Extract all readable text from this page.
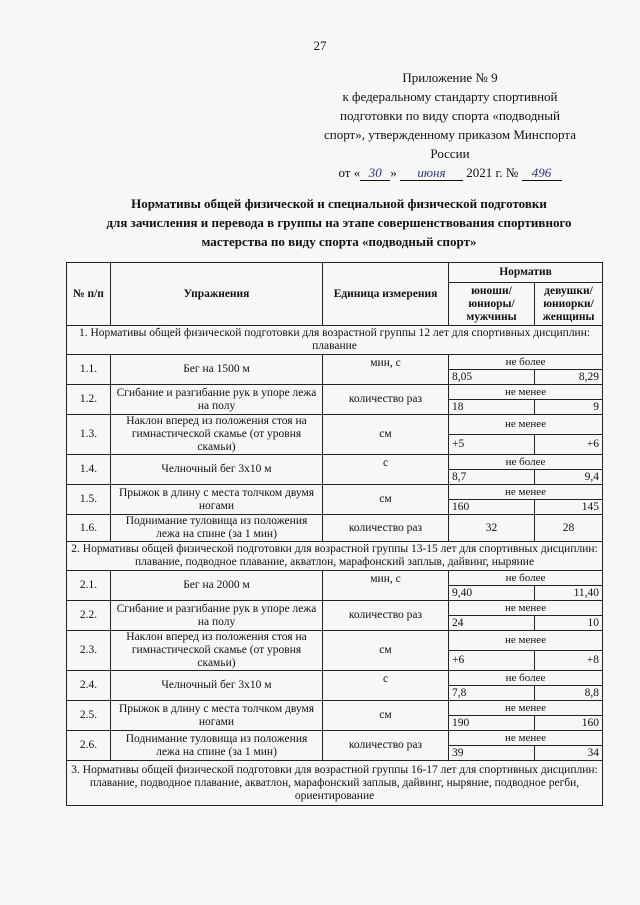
27
Приложение № 9
к федеральному стандарту спортивной
подготовки по виду спорта «подводный
спорт», утвержденному приказом Минспорта
России
от « 30 » июня 2021 г. № 496
Нормативы общей физической и специальной физической подготовки
для зачисления и перевода в группы на этапе совершенствования спортивного
мастерства по виду спорта «подводный спорт»
№ п/п	Упражнения	Единица измерения	Норматив	
			юноши/ юниоры/ мужчины	девушки/ юниорки/ женщины
1. Нормативы общей физической подготовки для возрастной группы 12 лет для спортивных дисциплин: плавание				
1.1.	Бег на 1500 м	мин, с	не более	
			8,05	8,29
1.2.	Сгибание и разгибание рук в упоре лежа на полу	количество раз	не менее	
			18	9
1.3.	Наклон вперед из положения стоя на гимнастической скамье (от уровня скамьи)	см	не менее	
			+5	+6
1.4.	Челночный бег 3х10 м	с	не более	
			8,7	9,4
1.5.	Прыжок в длину с места толчком двумя ногами	см	не менее	
			160	145
1.6.	Поднимание туловища из положения лежа на спине (за 1 мин)	количество раз	32	28

2. Нормативы общей физической подготовки для возрастной группы 13-15 лет для спортивных дисциплин: плавание, подводное плавание, акватлон, марафонский заплыв, дайвинг, ныряние				
2.1.	Бег на 2000 м	мин, с	не более	
			9,40	11,40
2.2.	Сгибание и разгибание рук в упоре лежа на полу	количество раз	не менее	
			24	10
2.3.	Наклон вперед из положения стоя на гимнастической скамье (от уровня скамьи)	см	не менее	
			+6	+8
2.4.	Челночный бег 3х10 м	с	не более	
			7,8	8,8
2.5.	Прыжок в длину с места толчком двумя ногами	см	не менее	
			190	160
2.6.	Поднимание туловища из положения лежа на спине (за 1 мин)	количество раз	не менее	
			39	34
3. Нормативы общей физической подготовки для возрастной группы 16-17 лет для спортивных дисциплин: плавание, подводное плавание, акватлон, марафонский заплыв, дайвинг, ныряние, подводное регби, ориентирование				
